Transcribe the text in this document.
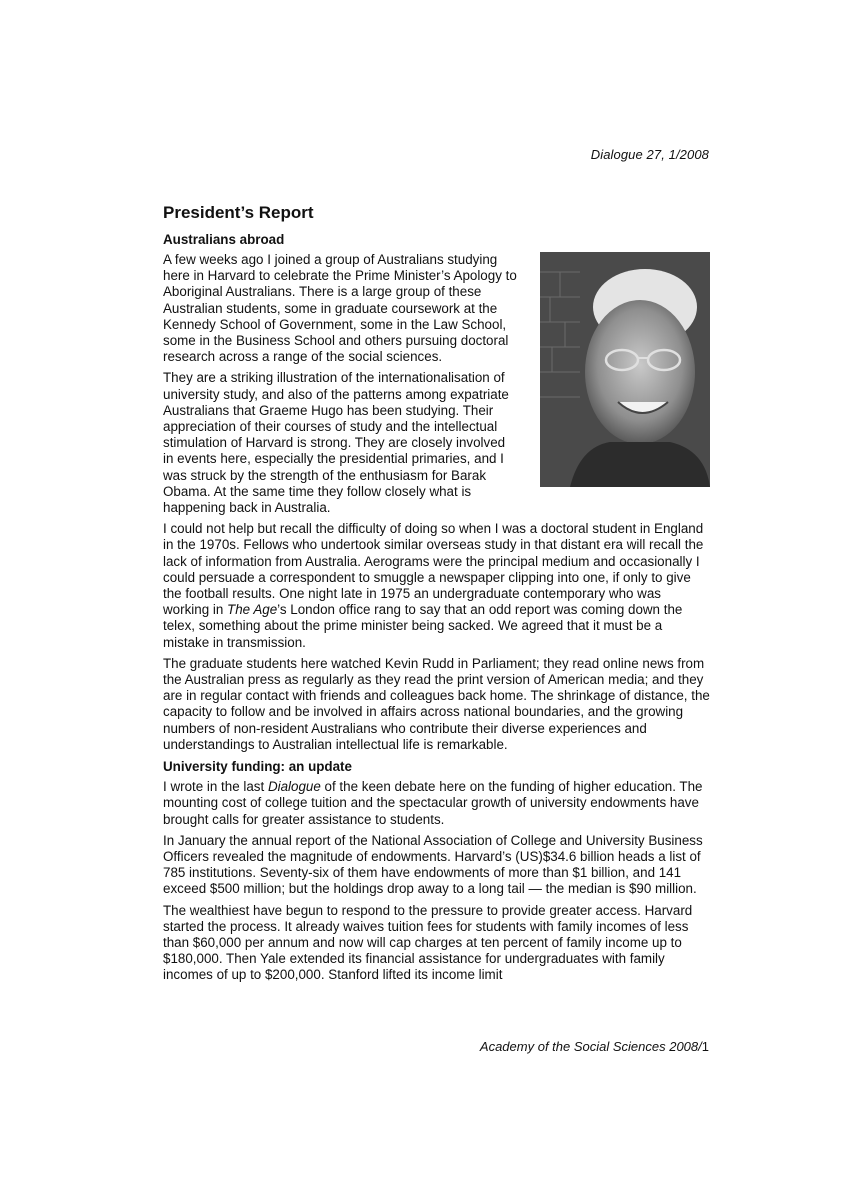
Dialogue 27, 1/2008
President’s Report
Australians abroad

A few weeks ago I joined a group of Australians studying here in Harvard to celebrate the Prime Minister’s Apology to Aboriginal Australians. There is a large group of these Australian students, some in graduate coursework at the Kennedy School of Government, some in the Law School, some in the Business School and others pursuing doctoral research across a range of the social sciences.

They are a striking illustration of the internationalisation of university study, and also of the patterns among expatriate Australians that Graeme Hugo has been studying. Their appreciation of their courses of study and the intellectual stimulation of Harvard is strong. They are closely involved in events here, especially the presidential primaries, and I was struck by the strength of the enthusiasm for Barak Obama. At the same time they follow closely what is happening back in Australia.

I could not help but recall the difficulty of doing so when I was a doctoral student in England in the 1970s. Fellows who undertook similar overseas study in that distant era will recall the lack of information from Australia. Aerograms were the principal medium and occasionally I could persuade a correspondent to smuggle a newspaper clipping into one, if only to give the football results. One night late in 1975 an undergraduate contemporary who was working in The Age’s London office rang to say that an odd report was coming down the telex, something about the prime minister being sacked. We agreed that it must be a mistake in transmission.

The graduate students here watched Kevin Rudd in Parliament; they read online news from the Australian press as regularly as they read the print version of American media; and they are in regular contact with friends and colleagues back home. The shrinkage of distance, the capacity to follow and be involved in affairs across national boundaries, and the growing numbers of non-resident Australians who contribute their diverse experiences and understandings to Australian intellectual life is remarkable.

University funding: an update

I wrote in the last Dialogue of the keen debate here on the funding of higher education. The mounting cost of college tuition and the spectacular growth of university endowments have brought calls for greater assistance to students.

In January the annual report of the National Association of College and University Business Officers revealed the magnitude of endowments. Harvard’s (US)$34.6 billion heads a list of 785 institutions. Seventy-six of them have endowments of more than $1 billion, and 141 exceed $500 million; but the holdings drop away to a long tail — the median is $90 million.

The wealthiest have begun to respond to the pressure to provide greater access. Harvard started the process. It already waives tuition fees for students with family incomes of less than $60,000 per annum and now will cap charges at ten percent of family income up to $180,000. Then Yale extended its financial assistance for undergraduates with family incomes of up to $200,000. Stanford lifted its income limit

Academy of the Social Sciences 2008/1
